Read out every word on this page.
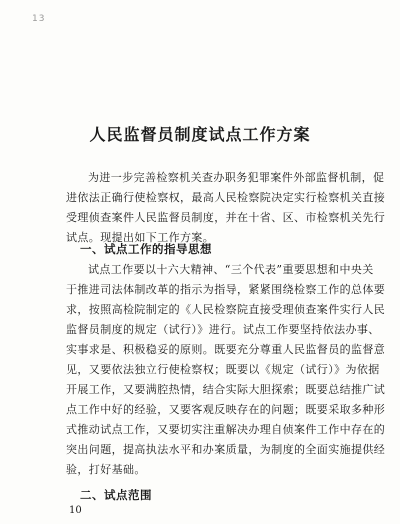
13
人民监督员制度试点工作方案
为进一步完善检察机关查办职务犯罪案件外部监督机制，促
进依法正确行使检察权，最高人民检察院决定实行检察机关直接
受理侦查案件人民监督员制度，并在十省、区、市检察机关先行
试点。现提出如下工作方案。
一、试点工作的指导思想
试点工作要以十六大精神、“三个代表”重要思想和中央关
于推进司法体制改革的指示为指导，紧紧围绕检察工作的总体要
求，按照高检院制定的《人民检察院直接受理侦查案件实行人民
监督员制度的规定（试行）》进行。试点工作要坚持依法办事、
实事求是、积极稳妥的原则。既要充分尊重人民监督员的监督意
见，又要依法独立行使检察权；既要以《规定（试行）》为依据
开展工作，又要满腔热情，结合实际大胆探索；既要总结推广试
点工作中好的经验，又要客观反映存在的问题；既要采取多种形
式推动试点工作，又要切实注重解决办理自侦案件工作中存在的
突出问题，提高执法水平和办案质量，为制度的全面实施提供经
验，打好基础。
二、试点范围
10
